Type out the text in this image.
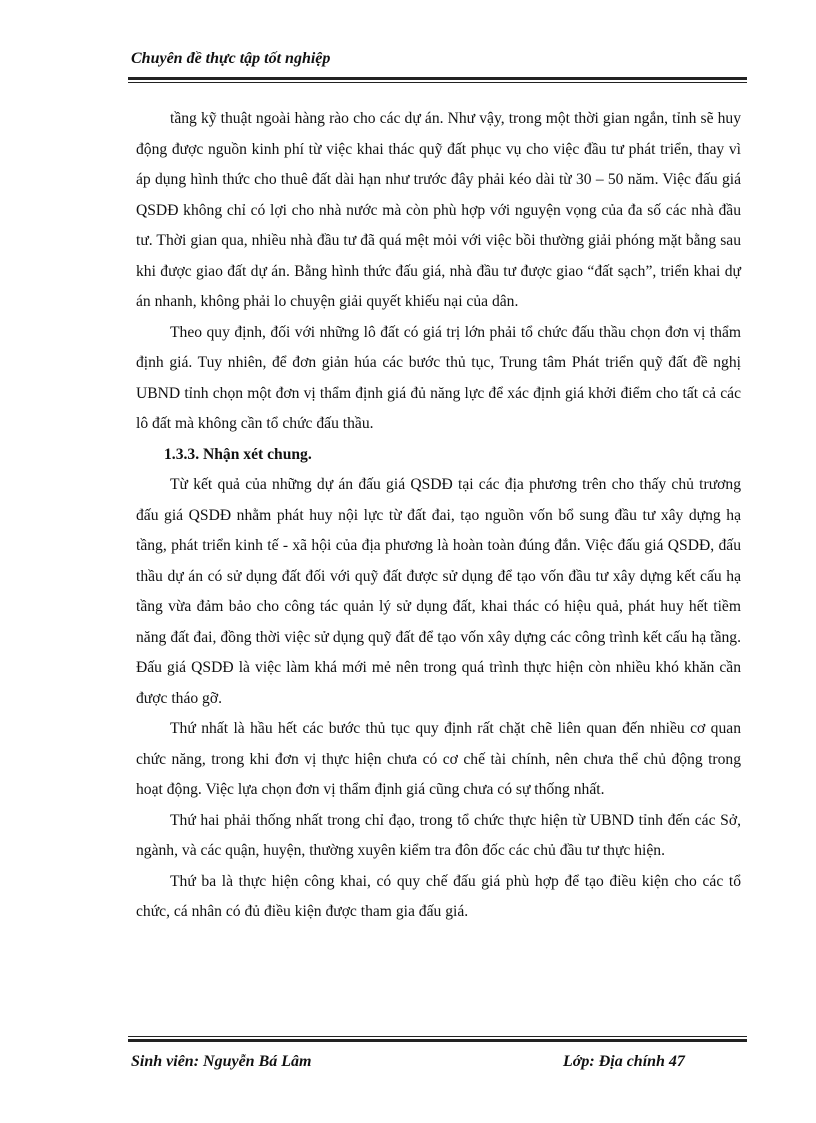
Chuyên đề thực tập tốt nghiệp

tầng kỹ thuật ngoài hàng rào cho các dự án. Như vậy, trong một thời gian ngắn, tỉnh sẽ huy động được nguồn kinh phí từ việc khai thác quỹ đất phục vụ cho việc đầu tư phát triển, thay vì áp dụng hình thức cho thuê đất dài hạn như trước đây phải kéo dài từ 30 – 50 năm. Việc đấu giá QSDĐ không chỉ có lợi cho nhà nước mà còn phù hợp với nguyện vọng của đa số các nhà đầu tư. Thời gian qua, nhiều nhà đầu tư đã quá mệt mỏi với việc bồi thường giải phóng mặt bằng sau khi được giao đất dự án. Bằng hình thức đấu giá, nhà đầu tư được giao “đất sạch”, triển khai dự án nhanh, không phải lo chuyện giải quyết khiếu nại của dân.

Theo quy định, đối với những lô đất có giá trị lớn phải tổ chức đấu thầu chọn đơn vị thẩm định giá. Tuy nhiên, để đơn giản húa các bước thủ tục, Trung tâm Phát triển quỹ đất đề nghị UBND tỉnh chọn một đơn vị thẩm định giá đủ năng lực để xác định giá khởi điểm cho tất cả các lô đất mà không cần tổ chức đấu thầu.

1.3.3. Nhận xét chung.

Từ kết quả của những dự án đấu giá QSDĐ tại các địa phương trên cho thấy chủ trương đấu giá QSDĐ nhằm phát huy nội lực từ đất đai, tạo nguồn vốn bổ sung đầu tư xây dựng hạ tầng, phát triển kinh tế - xã hội của địa phương là hoàn toàn đúng đắn. Việc đấu giá QSDĐ, đấu thầu dự án có sử dụng đất đối với quỹ đất được sử dụng để tạo vốn đầu tư xây dựng kết cấu hạ tầng vừa đảm bảo cho công tác quản lý sử dụng đất, khai thác có hiệu quả, phát huy hết tiềm năng đất đai, đồng thời việc sử dụng quỹ đất để tạo vốn xây dựng các công trình kết cấu hạ tầng. Đấu giá QSDĐ là việc làm khá mới mẻ nên trong quá trình thực hiện còn nhiều khó khăn cần được tháo gỡ.

Thứ nhất là hầu hết các bước thủ tục quy định rất chặt chẽ liên quan đến nhiều cơ quan chức năng, trong khi đơn vị thực hiện chưa có cơ chế tài chính, nên chưa thể chủ động trong hoạt động. Việc lựa chọn đơn vị thẩm định giá cũng chưa có sự thống nhất.

Thứ hai phải thống nhất trong chỉ đạo, trong tổ chức thực hiện từ UBND tỉnh đến các Sở, ngành, và các quận, huyện, thường xuyên kiểm tra đôn đốc các chủ đầu tư thực hiện.

Thứ ba là thực hiện công khai, có quy chế đấu giá phù hợp để tạo điều kiện cho các tổ chức, cá nhân có đủ điều kiện được tham gia đấu giá.

Sinh viên: Nguyễn Bá Lâm	Lớp: Địa chính 47
